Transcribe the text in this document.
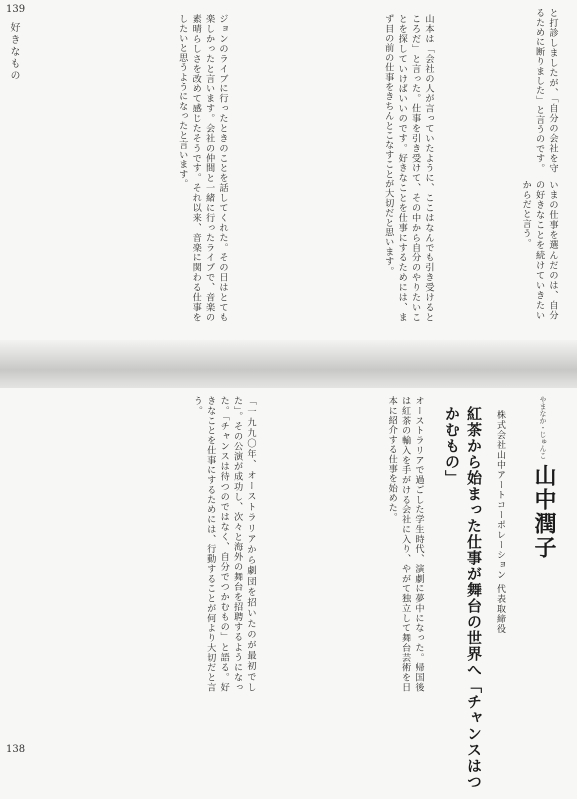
139
好きなもの	山本は「会社の人が言っていたように、ここはなんでも引き受けるところだ」と言った。仕事を引き受けて、その中から自分のやりたいことを探していけばいいのです。好きなことを仕事にするためには、まず目の前の仕事をきちんとこなすことが大切だと思います。
ジョンのライブに行ったときのことを話してくれた。その日はとても楽しかったと言います。会社の仲間と一緒に行ったライブで、音楽の素晴らしさを改めて感じたそうです。それ以来、音楽に関わる仕事をしたいと思うようになったと言います。	と打診しましたが、「自分の会社を守るために断りました」と言うのです。
いまの仕事を選んだのは、自分の好きなことを続けていきたいからだと言う。
138
やまなか・じゅんこ 山中潤子
株式会社山中アートコーポレーション 代表取締役
紅茶から始まった仕事が舞台の世界へ「チャンスはつかむもの」
オーストラリアで過ごした学生時代、演劇に夢中になった。帰国後は紅茶の輸入を手がける会社に入り、やがて独立して舞台芸術を日本に紹介する仕事を始めた。
「一九九〇年、オーストラリアから劇団を招いたのが最初でした」。その公演が成功し、次々と海外の舞台を招聘するようになった。「チャンスは待つのではなく、自分でつかむもの」と語る。好きなことを仕事にするためには、行動することが何より大切だと言う。
